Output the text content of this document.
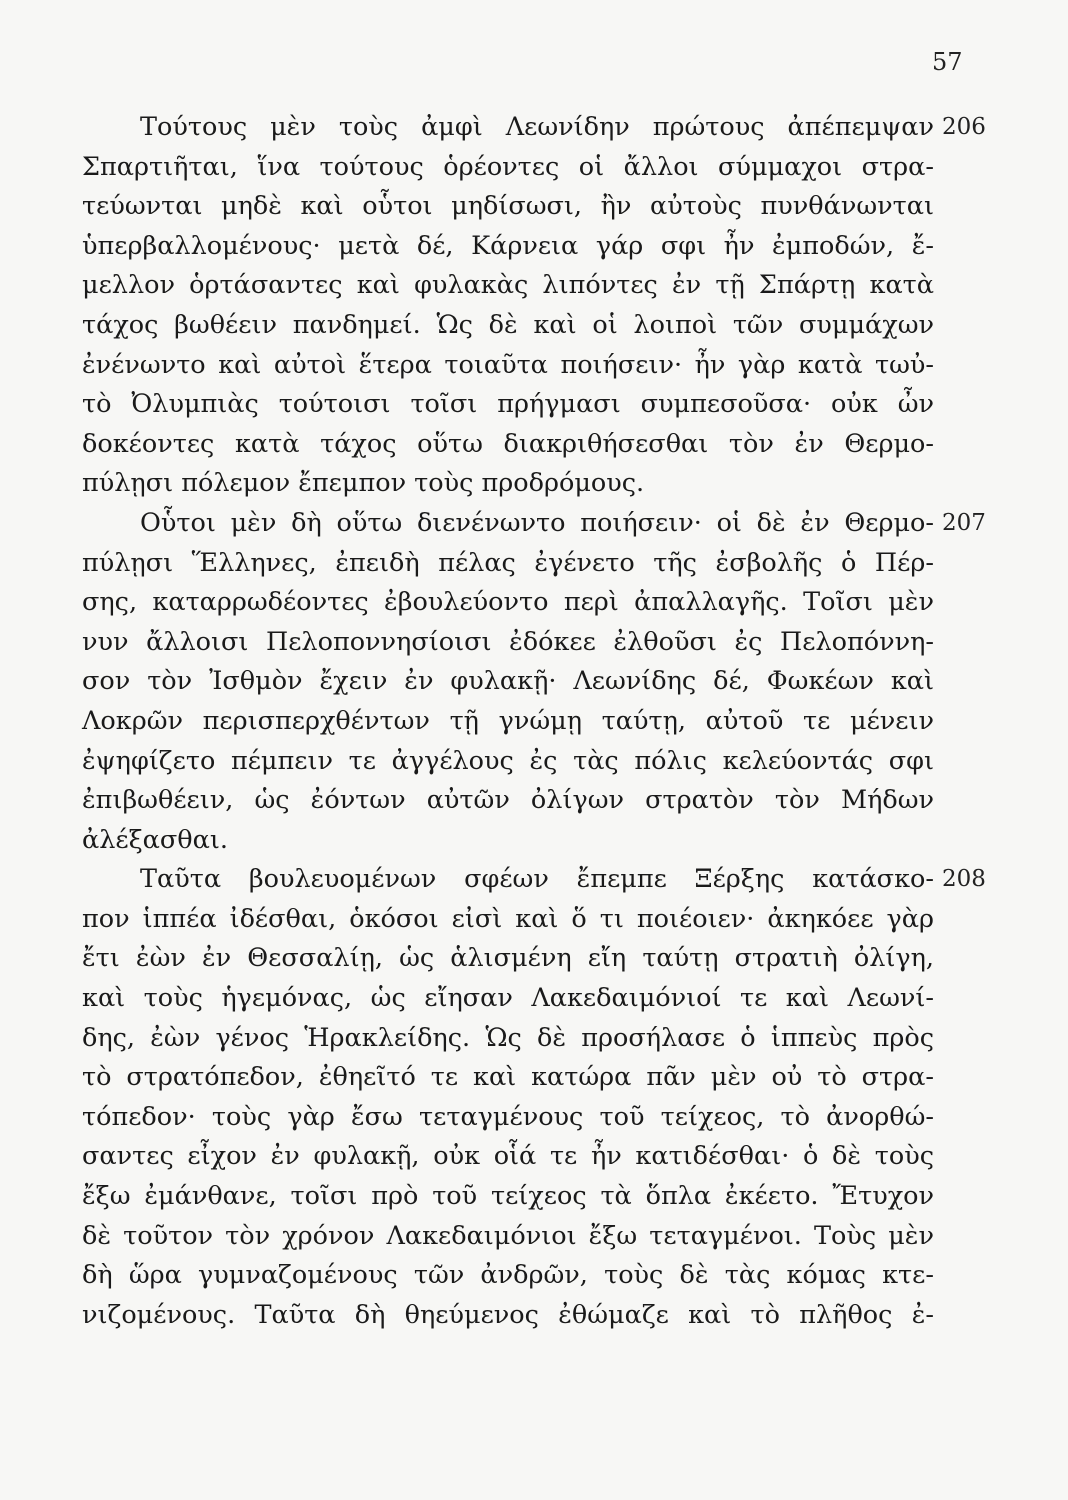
57
Τούτους μὲν τοὺς ἀμφὶ Λεωνίδην πρώτους ἀπέπεμψαν 206
Σπαρτιῆται, ἵνα τούτους ὁρέοντες οἱ ἄλλοι σύμμαχοι στρα-
τεύωνται μηδὲ καὶ οὗτοι μηδίσωσι, ἢν αὐτοὺς πυνθάνωνται
ὑπερβαλλομένους· μετὰ δέ, Κάρνεια γάρ σφι ἦν ἐμποδών, ἔ-
μελλον ὁρτάσαντες καὶ φυλακὰς λιπόντες ἐν τῇ Σπάρτῃ κατὰ
τάχος βωθέειν πανδημεί. Ὡς δὲ καὶ οἱ λοιποὶ τῶν συμμάχων
ἐνένωντο καὶ αὐτοὶ ἕτερα τοιαῦτα ποιήσειν· ἦν γὰρ κατὰ τωὐ-
τὸ Ὀλυμπιὰς τούτοισι τοῖσι πρήγμασι συμπεσοῦσα· οὐκ ὦν
δοκέοντες κατὰ τάχος οὕτω διακριθήσεσθαι τὸν ἐν Θερμο-
πύλῃσι πόλεμον ἔπεμπον τοὺς προδρόμους.
Οὗτοι μὲν δὴ οὕτω διενένωντο ποιήσειν· οἱ δὲ ἐν Θερμο- 207
πύλῃσι Ἕλληνες, ἐπειδὴ πέλας ἐγένετο τῆς ἐσβολῆς ὁ Πέρ-
σης, καταρρωδέοντες ἐβουλεύοντο περὶ ἀπαλλαγῆς. Τοῖσι μὲν
νυν ἄλλοισι Πελοποννησίοισι ἐδόκεε ἐλθοῦσι ἐς Πελοπόννη-
σον τὸν Ἰσθμὸν ἔχειν ἐν φυλακῇ· Λεωνίδης δέ, Φωκέων καὶ
Λοκρῶν περισπερχθέντων τῇ γνώμῃ ταύτῃ, αὐτοῦ τε μένειν
ἐψηφίζετο πέμπειν τε ἀγγέλους ἐς τὰς πόλις κελεύοντάς σφι
ἐπιβωθέειν, ὡς ἐόντων αὐτῶν ὀλίγων στρατὸν τὸν Μήδων
ἀλέξασθαι.
Ταῦτα βουλευομένων σφέων ἔπεμπε Ξέρξης κατάσκο- 208
πον ἱππέα ἰδέσθαι, ὁκόσοι εἰσὶ καὶ ὅ τι ποιέοιεν· ἀκηκόεε γὰρ
ἔτι ἐὼν ἐν Θεσσαλίῃ, ὡς ἁλισμένη εἴη ταύτῃ στρατιὴ ὀλίγη,
καὶ τοὺς ἡγεμόνας, ὡς εἴησαν Λακεδαιμόνιοί τε καὶ Λεωνί-
δης, ἐὼν γένος Ἡρακλείδης. Ὡς δὲ προσήλασε ὁ ἱππεὺς πρὸς
τὸ στρατόπεδον, ἐθηεῖτό τε καὶ κατώρα πᾶν μὲν οὐ τὸ στρα-
τόπεδον· τοὺς γὰρ ἔσω τεταγμένους τοῦ τείχεος, τὸ ἀνορθώ-
σαντες εἶχον ἐν φυλακῇ, οὐκ οἷά τε ἦν κατιδέσθαι· ὁ δὲ τοὺς
ἔξω ἐμάνθανε, τοῖσι πρὸ τοῦ τείχεος τὰ ὅπλα ἐκέετο. Ἔτυχον
δὲ τοῦτον τὸν χρόνον Λακεδαιμόνιοι ἔξω τεταγμένοι. Τοὺς μὲν
δὴ ὥρα γυμναζομένους τῶν ἀνδρῶν, τοὺς δὲ τὰς κόμας κτε-
νιζομένους. Ταῦτα δὴ θηεύμενος ἐθώμαζε καὶ τὸ πλῆθος ἐ-
